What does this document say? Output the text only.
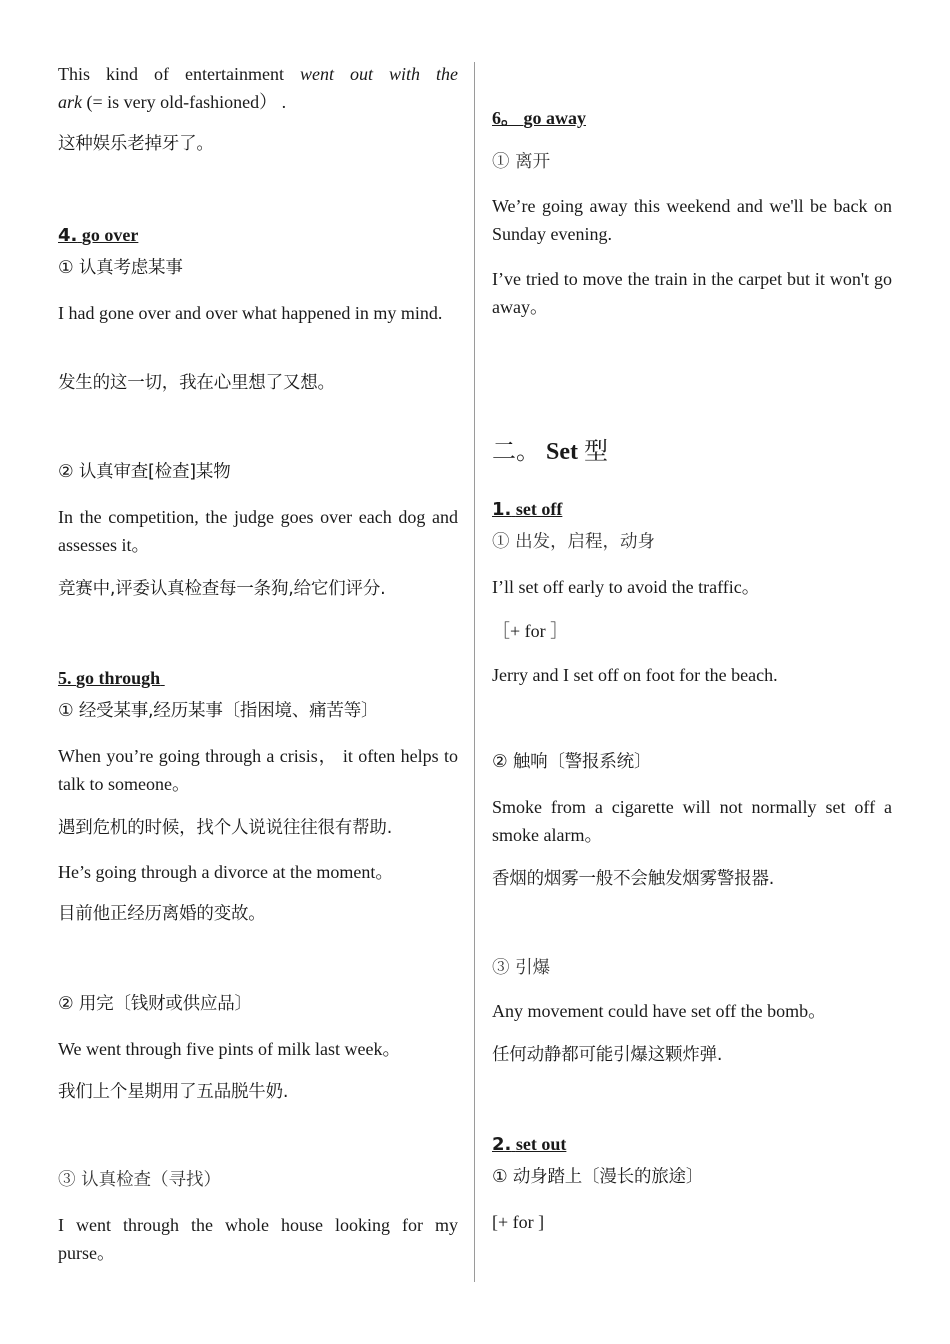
This kind of entertainment went out with the
ark (= is very old-fashioned） .
这种娱乐老掉牙了。
4. go over
① 认真考虑某事
I had gone over and over what happened in my mind.
发生的这一切，我在心里想了又想。
② 认真审查[检查]某物
In the competition, the judge goes over each dog and assesses it。
竞赛中,评委认真检查每一条狗,给它们评分.
5. go through
① 经受某事,经历某事〔指困境、痛苦等〕
When you’re going through a crisis， it often helps to talk to someone。
遇到危机的时候，找个人说说往往很有帮助.
He’s going through a divorce at the moment。
目前他正经历离婚的变故。
② 用完〔钱财或供应品〕
We went through five pints of milk last week。
我们上个星期用了五品脱牛奶.
③ 认真检查（寻找）
I went through the whole house looking for my purse。
6。 go away
① 离开
We’re going away this weekend and we'll be back on Sunday evening.
I’ve tried to move the train in the carpet but it won't go away。
二。 Set 型
1. set off
① 出发，启程，动身
I’ll set off early to avoid the traffic。
［+ for ］
Jerry and I set off on foot for the beach.
② 触响〔警报系统〕
Smoke from a cigarette will not normally set off a smoke alarm。
香烟的烟雾一般不会触发烟雾警报器.
③ 引爆
Any movement could have set off the bomb。
任何动静都可能引爆这颗炸弹.
2. set out
① 动身踏上〔漫长的旅途〕
[+ for ]
